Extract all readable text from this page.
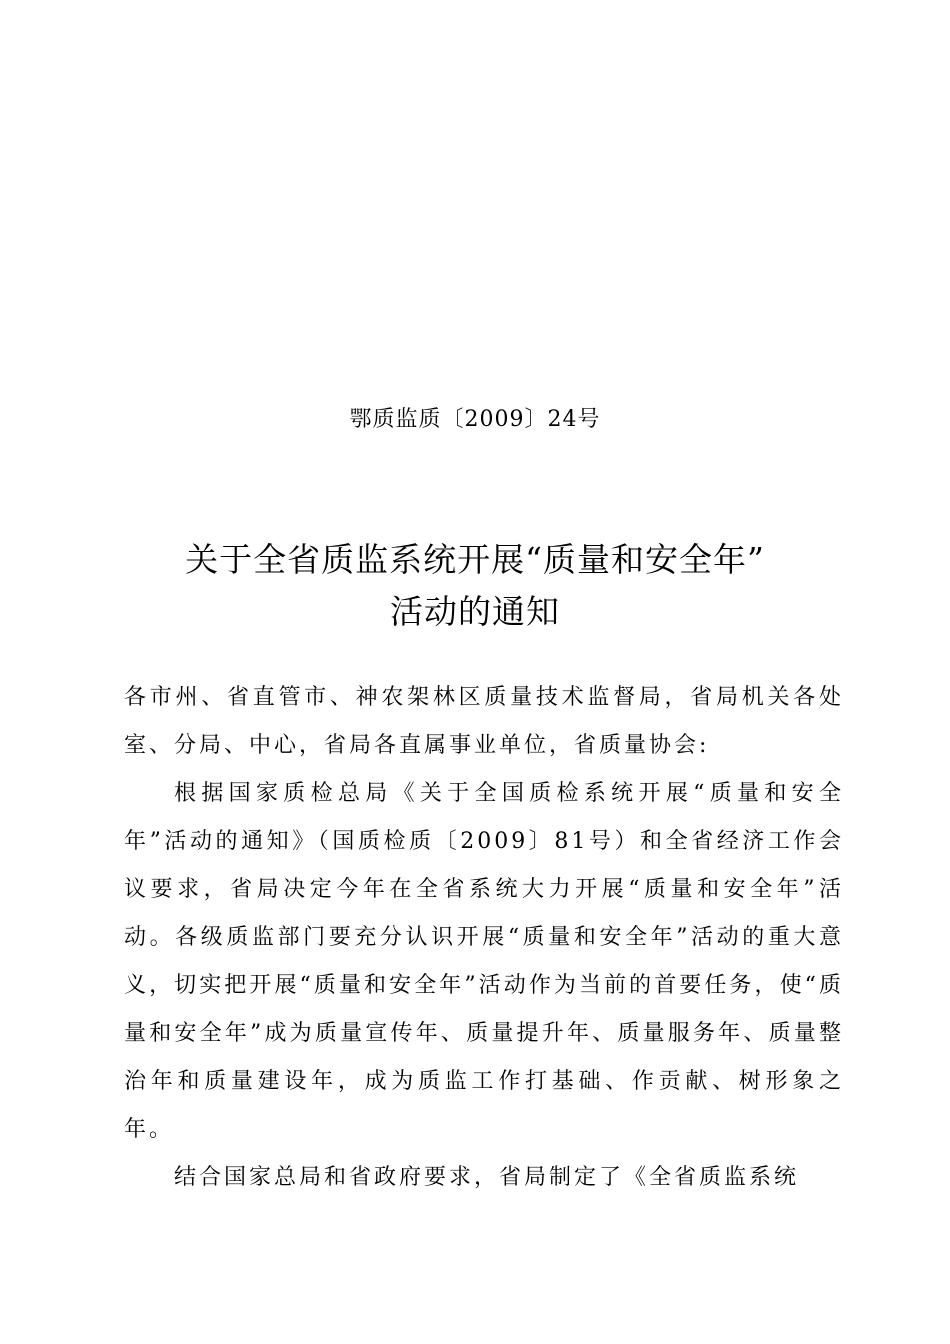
鄂质监质〔2009〕24号
关于全省质监系统开展“质量和安全年”
活动的通知

各市州、省直管市、神农架林区质量技术监督局，省局机关各处室、分局、中心，省局各直属事业单位，省质量协会:

根据国家质检总局《关于全国质检系统开展“质量和安全年”活动的通知》（国质检质〔2009〕81号）和全省经济工作会议要求，省局决定今年在全省系统大力开展“质量和安全年”活动。各级质监部门要充分认识开展“质量和安全年”活动的重大意义，切实把开展“质量和安全年”活动作为当前的首要任务，使“质量和安全年”成为质量宣传年、质量提升年、质量服务年、质量整治年和质量建设年，成为质监工作打基础、作贡献、树形象之年。

结合国家总局和省政府要求，省局制定了《全省质监系统
